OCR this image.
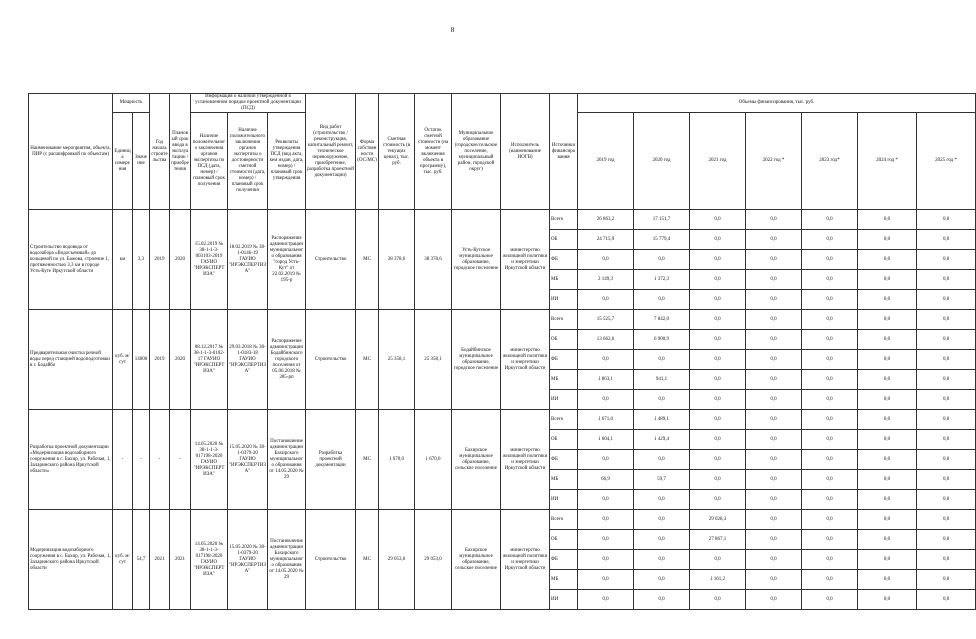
8
Наименование мероприятия, объекта, ПИР (с расшифровкой по объектам)	Мощность		Год начала строительства	Плановый срок ввода в эксплуатацию / приобретения	Информация о наличии утвержденной в установленном порядке проектной документации (ПСД)			Вид работ (строительство / реконструкция, капитальный ремонт, техническое перевооружение, приобретение, разработка проектной документации)	Форма собственности (ОС/МС)	Сметная стоимость (в текущих ценах), тыс. руб.	Остаток сметной стоимости (на момент включения объекта в программу), тыс. руб.	Муниципальное образование (городское/сельское поселение, муниципальный район, городской округ)	Исполнитель (наименование ИОГВ)	Источники финансирования	Объемы финансирования, тыс. руб.						
	Единица измерения	Значение			Наличие положительного заключения органов экспертизы по ПСД (дата, номер) / плановый срок получения	Наличие положительного заключения органов экспертизы о достоверности сметной стоимости (дата, номер) / плановый срок получения	Реквизиты утверждения ПСД (вид акта, кем издан, дата, номер) / плановый срок утверждения								2019 год	2020 год	2021 год	2022 год *	2023 год*	2024 год *	2025 год *

Строительство водовода от водозабора «Водосъемный» до кольцевой по ул. Бажова, строение 1, протяженностью 3,3 км в городе Усть-Куте Иркутской области	км	3,3	2019	2020	15.02.2019 № 38-1-1-3-003103-2019 ГАУИО "ИРЭКСПЕРТИЗА"	18.02.2019 № 38-1-0146-19 ГАУИО "ИРЭКСПЕРТИЗА"	Распоряжение администрации муниципального образования "город Усть-Кут" от 22.02.2019 № 195-р	Строительство	МС	38 378,6	38 378,6	Усть-Кутское муниципальное образование, городское поселение	министерство жилищной политики и энергетики Иркутской области	Всего	26 863,2	17 151,7	0,0	0,0	0,0	0,0	0,0
														ОБ	24 715,9	15 779,4	0,0	0,0	0,0	0,0	0,0
														ФБ	0,0	0,0	0,0	0,0	0,0	0,0	0,0
														МБ	2 149,3	1 372,3	0,0	0,0	0,0	0,0	0,0
														ИИ	0,0	0,0	0,0	0,0	0,0	0,0	0,0
Предварительная очистка речной воды перед станцией водоподготовки в г. Бодайбо	куб. м/сут	14000	2019	2020	08.12.2017 № 38-1-1-3-0102-17 ГАУИО "ИРЭКСПЕРТИЗА"	29.03.2018 № 38-1-0183-18 ГАУИО "ИРЭКСПЕРТИЗА"	Распоряжение администрации Бодайбинского городского поселения от 05.06.2018 № 285-рп	Строительство	МС	25 358,1	25 358,1	Бодайбинское муниципальное образование, городское поселение	министерство жилищной политики и энергетики Иркутской области	Всего	15 525,7	7 842,0	0,0	0,0	0,0	0,0	0,0
														ОБ	13 662,6	6 900,9	0,0	0,0	0,0	0,0	0,0
														ФБ	0,0	0,0	0,0	0,0	0,0	0,0	0,0
														МБ	1 863,1	941,1	0,0	0,0	0,0	0,0	0,0
														ИИ	0,0	0,0	0,0	0,0	0,0	0,0	0,0
Разработка проектной документации «Модернизация водозаборного сооружения в с. Бахир, ул. Рабочая, 1, Заларинского района Иркутской области»	-	-	-	-	14.05.2020 № 38-1-1-3-017198-2020 ГАУИО "ИРЭКСПЕРТИЗА"	15.05.2020 № 38-1-0379-20 ГАУИО "ИРЭКСПЕРТИЗА"	Постановление администрации Бахирского муниципального образования от 14.05.2020 № 29	Разработка проектной документации	МС	1 670,0	1 670,0	Бахирское муниципальное образование, сельское поселение	министерство жилищной политики и энергетики Иркутской области	Всего	1 671,0	1 489,1	0,0	0,0	0,0	0,0	0,0
														ОБ	1 604,1	1 429,4	0,0	0,0	0,0	0,0	0,0
														ФБ	0,0	0,0	0,0	0,0	0,0	0,0	0,0
														МБ	66,9	59,7	0,0	0,0	0,0	0,0	0,0
														ИИ	0,0	0,0	0,0	0,0	0,0	0,0	0,0
Модернизация водозаборного сооружения в с. Бахир, ул. Рабочая, 1, Заларинского района Иркутской области	куб. м/сут	54,7	2021	2021	14.05.2020 № 38-1-1-3-017198-2020 ГАУИО "ИРЭКСПЕРТИЗА"	15.05.2020 № 38-1-0379-20 ГАУИО "ИРЭКСПЕРТИЗА"	Постановление администрации Бахирского муниципального образования от 14.05.2020 № 29	Строительство	МС	29 053,0	29 053,0	Бахирское муниципальное образование, сельское поселение	министерство жилищной политики и энергетики Иркутской области	Всего	0,0	0,0	29 028,3	0,0	0,0	0,0	0,0
														ОБ	0,0	0,0	27 867,1	0,0	0,0	0,0	0,0
														ФБ	0,0	0,0	0,0	0,0	0,0	0,0	0,0
														МБ	0,0	0,0	1 161,2	0,0	0,0	0,0	0,0
														ИИ	0,0	0,0	0,0	0,0	0,0	0,0	0,0
